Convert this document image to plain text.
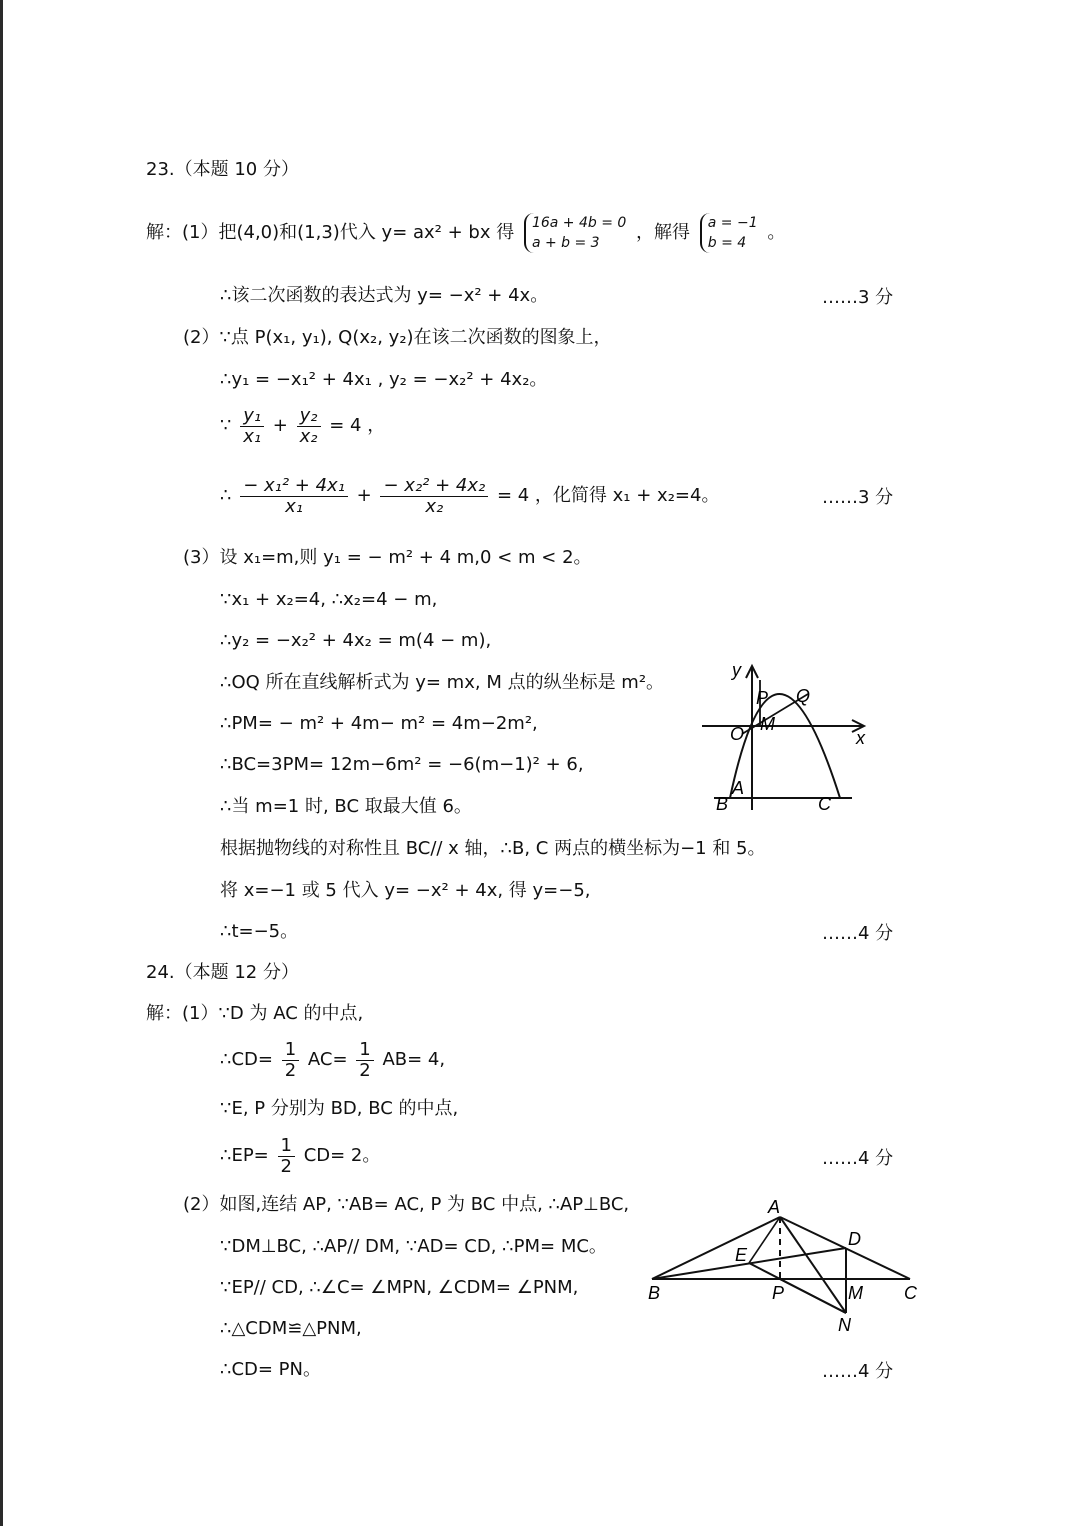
23.（本题 10 分）
解：(1）把(4,0)和(1,3)代入 y= ax² + bx 得 16a + 4b = 0
a + b = 3	，解得 a = −1
b = 4	。
∴该二次函数的表达式为 y= −x² + 4x。	……3 分
(2）∵点 P(x₁, y₁), Q(x₂, y₂)在该二次函数的图象上，
∴y₁ = −x₁² + 4x₁ , y₂ = −x₂² + 4x₂。
∵ $\frac{\text{y₁}}{\text{x₁}} + \frac{\text{y₂}}{\text{x₂}} = 4$ ，
∴ $\frac{\text{− x₁² + 4x₁}}{\text{x₁}} + \frac{\text{− x₂² + 4x₂}}{\text{x₂}} = 4$ ，化简得 x₁ + x₂=4。	……3 分
(3）设 x₁=m,则 y₁ = − m² + 4 m,0 < m < 2。
∵x₁ + x₂=4, ∴x₂=4 − m,
∴y₂ = −x₂² + 4x₂ = m(4 − m),
∴OQ 所在直线解析式为 y= mx, M 点的纵坐标是 m²。
∴PM= − m² + 4m− m² = 4m−2m²,
∴BC=3PM= 12m−6m² = −6(m−1)² + 6,
∴当 m=1 时, BC 取最大值 6。
根据抛物线的对称性且 BC// x 轴，∴B, C 两点的横坐标为−1 和 5。
将 x=−1 或 5 代入 y= −x² + 4x, 得 y=−5,
∴t=−5。	……4 分
y
x
P Q
O M
A
B	C
24.（本题 12 分）
解：(1）∵D 为 AC 的中点,
∴CD= $\frac{1}{2} AC= \frac{1}{2} AB= 4$,
∵E, P 分别为 BD, BC 的中点,
∴EP= $\frac{1}{2} CD= 2$。	……4 分
(2）如图,连结 AP, ∵AB= AC, P 为 BC 中点, ∴AP⊥BC,
∵DM⊥BC, ∴AP// DM, ∵AD= CD, ∴PM= MC。
∵EP// CD, ∴∠C= ∠MPN, ∠CDM= ∠PNM,
∴△CDM≌△PNM,
∴CD= PN。	……4 分
A
B	C
D
E
P	M
N
